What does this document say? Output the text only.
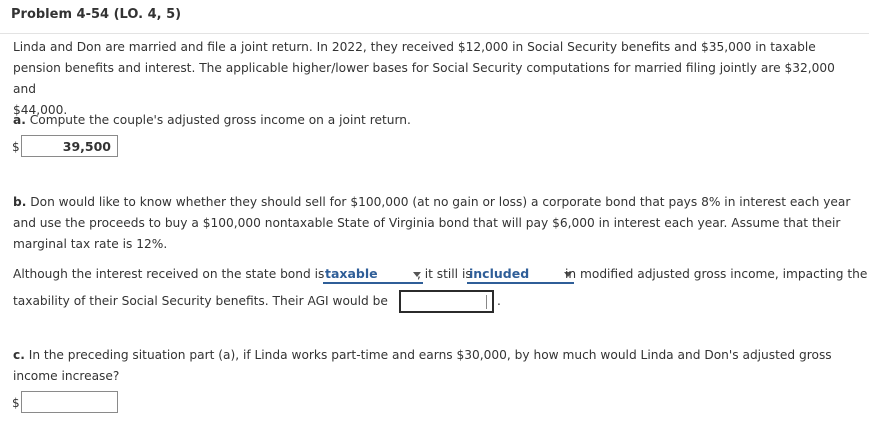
Problem 4-54 (LO. 4, 5)
Linda and Don are married and file a joint return. In 2022, they received $12,000 in Social Security benefits and $35,000 in taxable
pension benefits and interest. The applicable higher/lower bases for Social Security computations for married filing jointly are $32,000 and
$44,000.
a. Compute the couple's adjusted gross income on a joint return.
$	39,500
b. Don would like to know whether they should sell for $100,000 (at no gain or loss) a corporate bond that pays 8% in interest each year
and use the proceeds to buy a $100,000 nontaxable State of Virginia bond that will pay $6,000 in interest each year. Assume that their
marginal tax rate is 12%.
Although the interest received on the state bond is taxable	, it still is
included	in modified adjusted gross income, impacting the
taxability of their Social Security benefits. Their AGI would be	.
c. In the preceding situation part (a), if Linda works part-time and earns $30,000, by how much would Linda and Don's adjusted gross
income increase?
$
